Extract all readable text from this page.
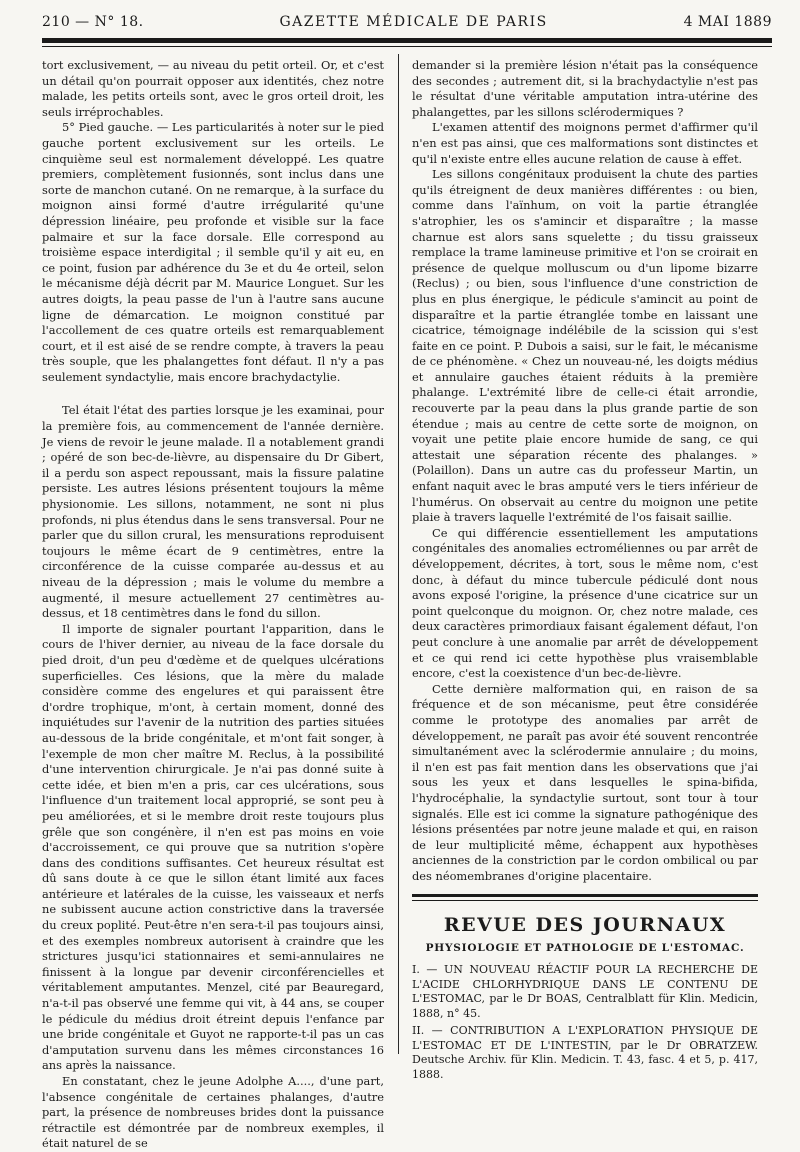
210 — N° 18.	GAZETTE MÉDICALE DE PARIS	4 MAI 1889

tort exclusivement, — au niveau du petit orteil. Or, et c'est un détail qu'on pourrait opposer aux identités, chez notre malade, les petits orteils sont, avec le gros orteil droit, les seuls irréprochables.

5° Pied gauche. — Les particularités à noter sur le pied gauche portent exclusivement sur les orteils. Le cinquième seul est normalement développé. Les quatre premiers, complètement fusionnés, sont inclus dans une sorte de manchon cutané. On ne remarque, à la surface du moignon ainsi formé d'autre irrégularité qu'une dépression linéaire, peu profonde et visible sur la face palmaire et sur la face dorsale. Elle correspond au troisième espace interdigital ; il semble qu'il y ait eu, en ce point, fusion par adhérence du 3e et du 4e orteil, selon le mécanisme déjà décrit par M. Maurice Longuet. Sur les autres doigts, la peau passe de l'un à l'autre sans aucune ligne de démarcation. Le moignon constitué par l'accollement de ces quatre orteils est remarquablement court, et il est aisé de se rendre compte, à travers la peau très souple, que les phalangettes font défaut. Il n'y a pas seulement syndactylie, mais encore brachydactylie.

Tel était l'état des parties lorsque je les examinai, pour la première fois, au commencement de l'année dernière. Je viens de revoir le jeune malade. Il a notablement grandi ; opéré de son bec-de-lièvre, au dispensaire du Dr Gibert, il a perdu son aspect repoussant, mais la fissure palatine persiste. Les autres lésions présentent toujours la même physionomie. Les sillons, notamment, ne sont ni plus profonds, ni plus étendus dans le sens transversal. Pour ne parler que du sillon crural, les mensurations reproduisent toujours le même écart de 9 centimètres, entre la circonférence de la cuisse comparée au-dessus et au niveau de la dépression ; mais le volume du membre a augmenté, il mesure actuellement 27 centimètres au-dessus, et 18 centimètres dans le fond du sillon.

Il importe de signaler pourtant l'apparition, dans le cours de l'hiver dernier, au niveau de la face dorsale du pied droit, d'un peu d'œdème et de quelques ulcérations superficielles. Ces lésions, que la mère du malade considère comme des engelures et qui paraissent être d'ordre trophique, m'ont, à certain moment, donné des inquiétudes sur l'avenir de la nutrition des parties situées au-dessous de la bride congénitale, et m'ont fait songer, à l'exemple de mon cher maître M. Reclus, à la possibilité d'une intervention chirurgicale. Je n'ai pas donné suite à cette idée, et bien m'en a pris, car ces ulcérations, sous l'influence d'un traitement local approprié, se sont peu à peu améliorées, et si le membre droit reste toujours plus grêle que son congénère, il n'en est pas moins en voie d'accroissement, ce qui prouve que sa nutrition s'opère dans des conditions suffisantes. Cet heureux résultat est dû sans doute à ce que le sillon étant limité aux faces antérieure et latérales de la cuisse, les vaisseaux et nerfs ne subissent aucune action constrictive dans la traversée du creux poplité. Peut-être n'en sera-t-il pas toujours ainsi, et des exemples nombreux autorisent à craindre que les strictures jusqu'ici stationnaires et semi-annulaires ne finissent à la longue par devenir circonférencielles et véritablement amputantes. Menzel, cité par Beauregard, n'a-t-il pas observé une femme qui vit, à 44 ans, se couper le pédicule du médius droit étreint depuis l'enfance par une bride congénitale et Guyot ne rapporte-t-il pas un cas d'amputation survenu dans les mêmes circonstances 16 ans après la naissance.

En constatant, chez le jeune Adolphe A...., d'une part, l'absence congénitale de certaines phalanges, d'autre part, la présence de nombreuses brides dont la puissance rétractile est démontrée par de nombreux exemples, il était naturel de se

demander si la première lésion n'était pas la conséquence des secondes ; autrement dit, si la brachydactylie n'est pas le résultat d'une véritable amputation intra-utérine des phalangettes, par les sillons sclérodermiques ?

L'examen attentif des moignons permet d'affirmer qu'il n'en est pas ainsi, que ces malformations sont distinctes et qu'il n'existe entre elles aucune relation de cause à effet.

Les sillons congénitaux produisent la chute des parties qu'ils étreignent de deux manières différentes : ou bien, comme dans l'aïnhum, on voit la partie étranglée s'atrophier, les os s'amincir et disparaître ; la masse charnue est alors sans squelette ; du tissu graisseux remplace la trame lamineuse primitive et l'on se croirait en présence de quelque molluscum ou d'un lipome bizarre (Reclus) ; ou bien, sous l'influence d'une constriction de plus en plus énergique, le pédicule s'amincit au point de disparaître et la partie étranglée tombe en laissant une cicatrice, témoignage indélébile de la scission qui s'est faite en ce point. P. Dubois a saisi, sur le fait, le mécanisme de ce phénomène. « Chez un nouveau-né, les doigts médius et annulaire gauches étaient réduits à la première phalange. L'extrémité libre de celle-ci était arrondie, recouverte par la peau dans la plus grande partie de son étendue ; mais au centre de cette sorte de moignon, on voyait une petite plaie encore humide de sang, ce qui attestait une séparation récente des phalanges. » (Polaillon). Dans un autre cas du professeur Martin, un enfant naquit avec le bras amputé vers le tiers inférieur de l'humérus. On observait au centre du moignon une petite plaie à travers laquelle l'extrémité de l'os faisait saillie.

Ce qui différencie essentiellement les amputations congénitales des anomalies ectroméliennes ou par arrêt de développement, décrites, à tort, sous le même nom, c'est donc, à défaut du mince tubercule pédiculé dont nous avons exposé l'origine, la présence d'une cicatrice sur un point quelconque du moignon. Or, chez notre malade, ces deux caractères primordiaux faisant également défaut, l'on peut conclure à une anomalie par arrêt de développement et ce qui rend ici cette hypothèse plus vraisemblable encore, c'est la coexistence d'un bec-de-lièvre.

Cette dernière malformation qui, en raison de sa fréquence et de son mécanisme, peut être considérée comme le prototype des anomalies par arrêt de développement, ne paraît pas avoir été souvent rencontrée simultanément avec la sclérodermie annulaire ; du moins, il n'en est pas fait mention dans les observations que j'ai sous les yeux et dans lesquelles le spina-bifida, l'hydrocéphalie, la syndactylie surtout, sont tour à tour signalés. Elle est ici comme la signature pathogénique des lésions présentées par notre jeune malade et qui, en raison de leur multiplicité même, échappent aux hypothèses anciennes de la constriction par le cordon ombilical ou par des néomembranes d'origine placentaire.

REVUE DES JOURNAUX
PHYSIOLOGIE ET PATHOLOGIE DE L'ESTOMAC.

I. — UN NOUVEAU RÉACTIF POUR LA RECHERCHE DE L'ACIDE CHLORHYDRIQUE DANS LE CONTENU DE L'ESTOMAC, par le Dr BOAS, Centralblatt für Klin. Medicin, 1888, n° 45.

II. — CONTRIBUTION A L'EXPLORATION PHYSIQUE DE L'ESTOMAC ET DE L'INTESTIN, par le Dr OBRATZEW. Deutsche Archiv. für Klin. Medicin. T. 43, fasc. 4 et 5, p. 417, 1888.
